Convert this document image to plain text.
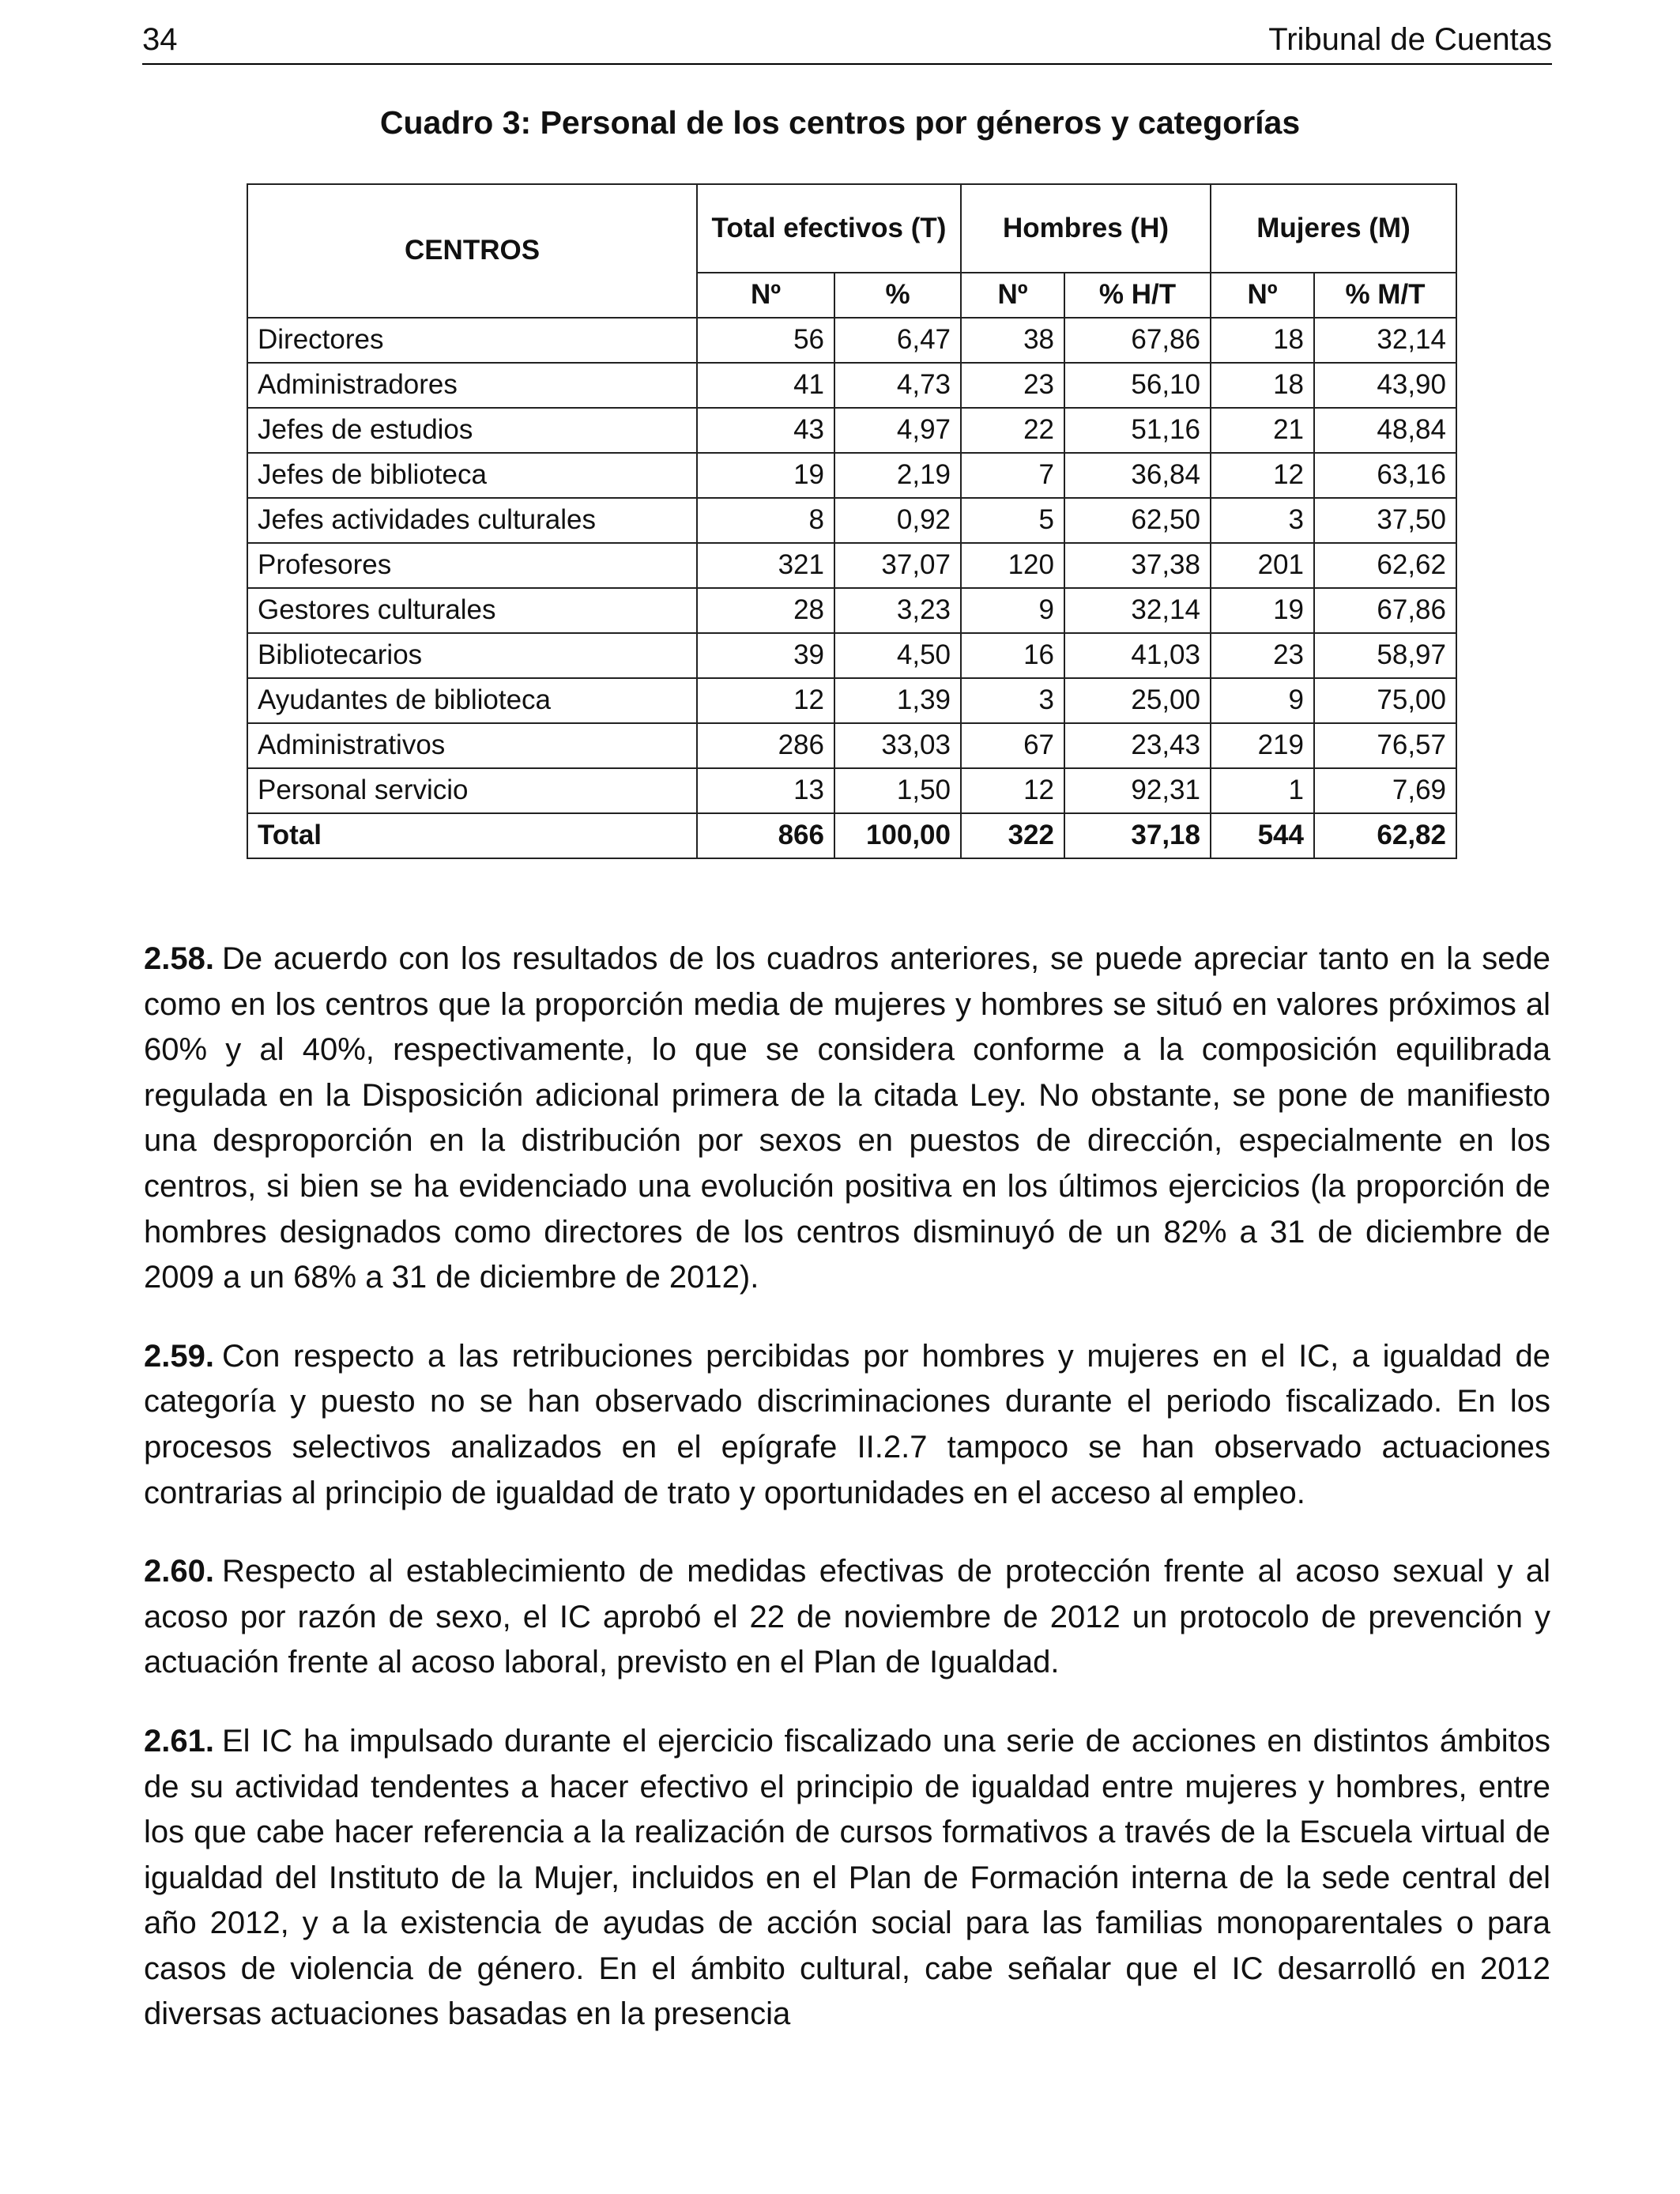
34	Tribunal de Cuentas
Cuadro 3: Personal de los centros por géneros y categorías
CENTROS	Total efectivos (T)		Hombres (H)		Mujeres (M)	
	Nº	%	Nº	% H/T	Nº	% M/T
Directores	56	6,47	38	67,86	18	32,14
Administradores	41	4,73	23	56,10	18	43,90
Jefes de estudios	43	4,97	22	51,16	21	48,84
Jefes de biblioteca	19	2,19	7	36,84	12	63,16
Jefes actividades culturales	8	0,92	5	62,50	3	37,50
Profesores	321	37,07	120	37,38	201	62,62
Gestores culturales	28	3,23	9	32,14	19	67,86
Bibliotecarios	39	4,50	16	41,03	23	58,97
Ayudantes de biblioteca	12	1,39	3	25,00	9	75,00
Administrativos	286	33,03	67	23,43	219	76,57
Personal servicio	13	1,50	12	92,31	1	7,69
Total	866	100,00	322	37,18	544	62,82

2.58. De acuerdo con los resultados de los cuadros anteriores, se puede apreciar tanto en la sede como en los centros que la proporción media de mujeres y hombres se situó en valores próximos al 60% y al 40%, respectivamente, lo que se considera conforme a la composición equilibrada regulada en la Disposición adicional primera de la citada Ley. No obstante, se pone de manifiesto una desproporción en la distribución por sexos en puestos de dirección, especialmente en los centros, si bien se ha evidenciado una evolución positiva en los últimos ejercicios (la proporción de hombres designados como directores de los centros disminuyó de un 82% a 31 de diciembre de 2009 a un 68% a 31 de diciembre de 2012).

2.59. Con respecto a las retribuciones percibidas por hombres y mujeres en el IC, a igualdad de categoría y puesto no se han observado discriminaciones durante el periodo fiscalizado. En los procesos selectivos analizados en el epígrafe II.2.7 tampoco se han observado actuaciones contrarias al principio de igualdad de trato y oportunidades en el acceso al empleo.

2.60. Respecto al establecimiento de medidas efectivas de protección frente al acoso sexual y al acoso por razón de sexo, el IC aprobó el 22 de noviembre de 2012 un protocolo de prevención y actuación frente al acoso laboral, previsto en el Plan de Igualdad.

2.61. El IC ha impulsado durante el ejercicio fiscalizado una serie de acciones en distintos ámbitos de su actividad tendentes a hacer efectivo el principio de igualdad entre mujeres y hombres, entre los que cabe hacer referencia a la realización de cursos formativos a través de la Escuela virtual de igualdad del Instituto de la Mujer, incluidos en el Plan de Formación interna de la sede central del año 2012, y a la existencia de ayudas de acción social para las familias monoparentales o para casos de violencia de género. En el ámbito cultural, cabe señalar que el IC desarrolló en 2012 diversas actuaciones basadas en la presencia
